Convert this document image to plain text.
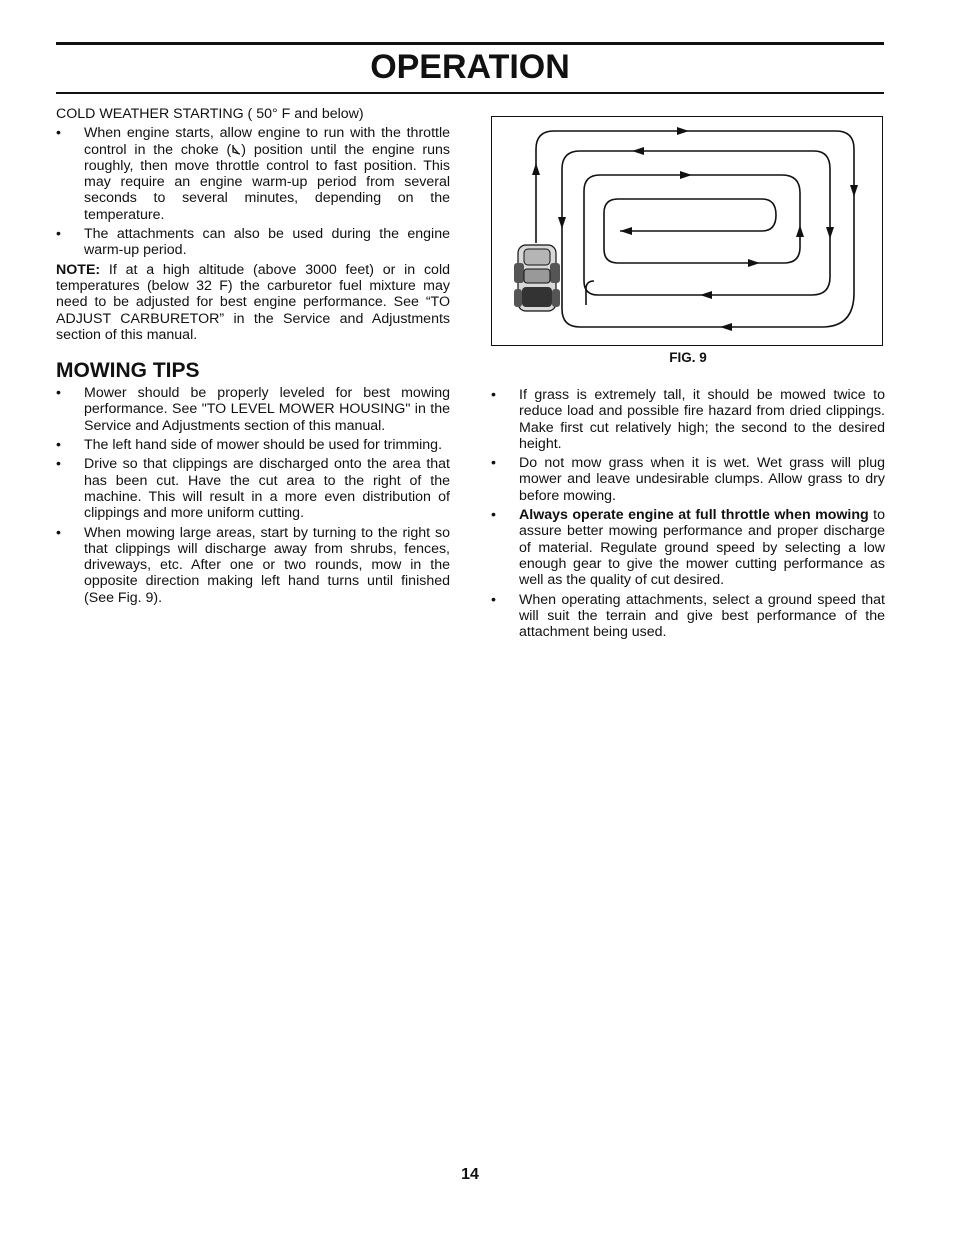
OPERATION

COLD WEATHER STARTING ( 50° F and below)

• When engine starts, allow engine to run with the throttle control in the choke ( ) position until the engine runs roughly, then move throttle control to fast position. This may require an engine warm-up period from several seconds to several minutes, depending on the temperature.
• The attachments can also be used during the engine warm-up period.

NOTE: If at a high altitude (above 3000 feet) or in cold temperatures (below 32 F) the carburetor fuel mixture may need to be adjusted for best engine performance. See “TO ADJUST CARBURETOR” in the Service and Adjustments section of this manual.

MOWING TIPS
• Mower should be properly leveled for best mowing performance. See "TO LEVEL MOWER HOUSING" in the Service and Adjustments section of this manual.
• The left hand side of mower should be used for trimming.
• Drive so that clippings are discharged onto the area that has been cut. Have the cut area to the right of the machine. This will result in a more even distribution of clippings and more uniform cutting.
• When mowing large areas, start by turning to the right so that clippings will discharge away from shrubs, fences, driveways, etc. After one or two rounds, mow in the opposite direction making left hand turns until finished (See Fig. 9).
FIG. 9
• If grass is extremely tall, it should be mowed twice to reduce load and possible fire hazard from dried clippings. Make first cut relatively high; the second to the desired height.
• Do not mow grass when it is wet. Wet grass will plug mower and leave undesirable clumps. Allow grass to dry before mowing.
• Always operate engine at full throttle when mowing to assure better mowing performance and proper discharge of material. Regulate ground speed by selecting a low enough gear to give the mower cutting performance as well as the quality of cut desired.
• When operating attachments, select a ground speed that will suit the terrain and give best performance of the attachment being used.
14
